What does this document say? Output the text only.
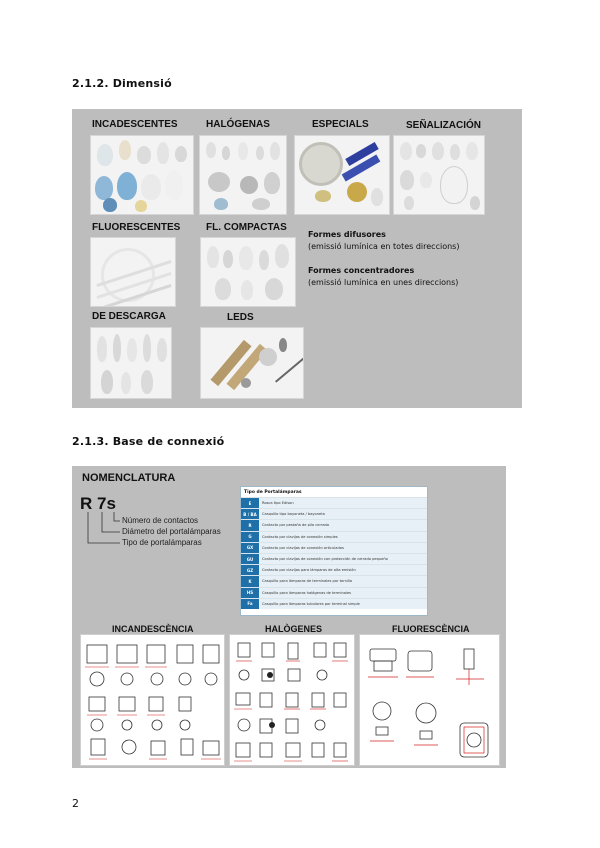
2.1.2. Dimensió
INCADESCENTES	HALÓGENAS	ESPECIALS	SEÑALIZACIÓN
FLUORESCENTES	FL. COMPACTAS
Formes difusores
(emissió lumínica en totes direccions)
Formes concentradores
(emissió lumínica en unes direccions)
DE DESCARGA	LEDS
2.1.3. Base de connexió
NOMENCLATURA
R 7s
Número de contactos
Diámetro del portalámparas
Tipo de portalámparas
Tipo de Portalámparas
E	Rosca tipo Edison
B / BA	Casquillo tipo bayoneta / bayoneta
R	Contacto por pestaña de pila cerrado
G	Contacto por clavijas de conexión simples
GX	Contacto por clavijas de conexión articuladas
GU	Contacto por clavijas de conexión con protección de cerrado pequeño
GZ	Contacto por clavijas para lámparas de alta emisión
K	Casquillo para lámparas de terminales por tornillo
HS	Casquillo para lámparas halógenas de terminales
Fa	Casquillo para lámparas tubulares por terminal simple
INCANDESCÈNCIA	HALÒGENES	FLUORESCÈNCIA
2
